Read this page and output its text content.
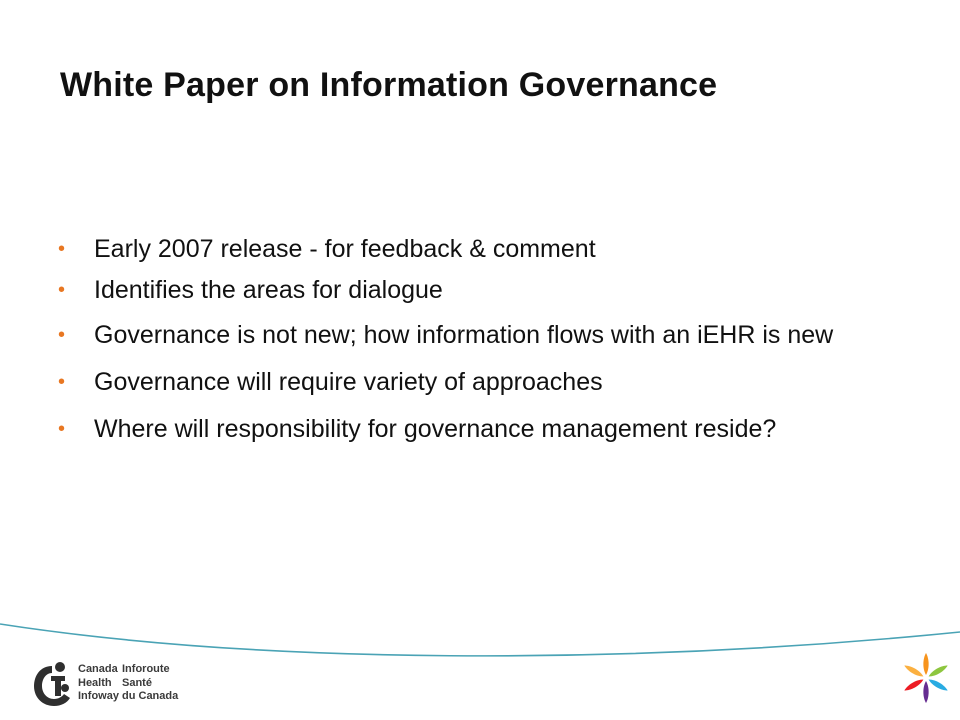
White Paper on Information Governance
• Early 2007 release - for feedback & comment
• Identifies the areas for dialogue
• Governance is not new; how information flows with an iEHR is new
• Governance will require variety of approaches
• Where will responsibility for governance management reside?
Canada
Health
Infoway
Inforoute
Santé
du Canada
